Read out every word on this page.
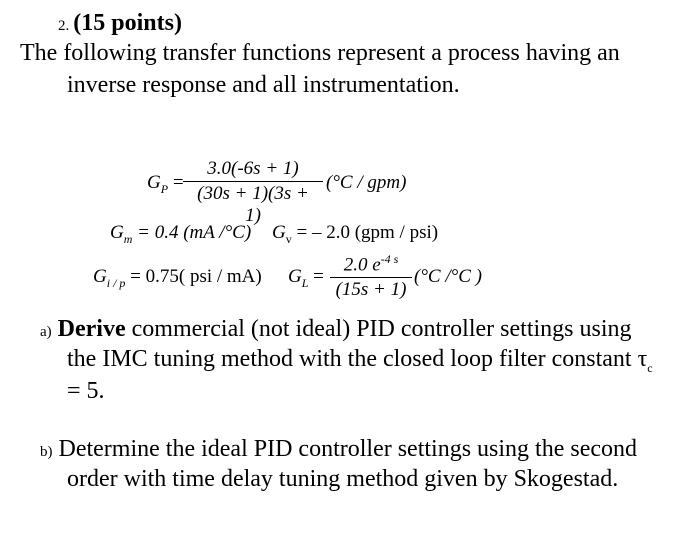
2. (15 points)
The following transfer functions represent a process having an
inverse response and all instrumentation.
$G_P = \frac{3.0(-6s + 1)}{(30s + 1)(3s + 1)} (^\circ C / gpm)$
$G_m = 0.4$ (mA /°C) $G_v$ = – 2.0 (gpm / psi)
$G_{i / p} = 0.75$( psi / mA) $G_L = \frac{2.0 e^{-4 s}}{(15s + 1)} (^\circ C$ /°C )
a) Derive commercial (not ideal) PID controller settings using
the IMC tuning method with the closed loop filter constant $\tau_c$
= 5.
b) Determine the ideal PID controller settings using the second
order with time delay tuning method given by Skogestad.
